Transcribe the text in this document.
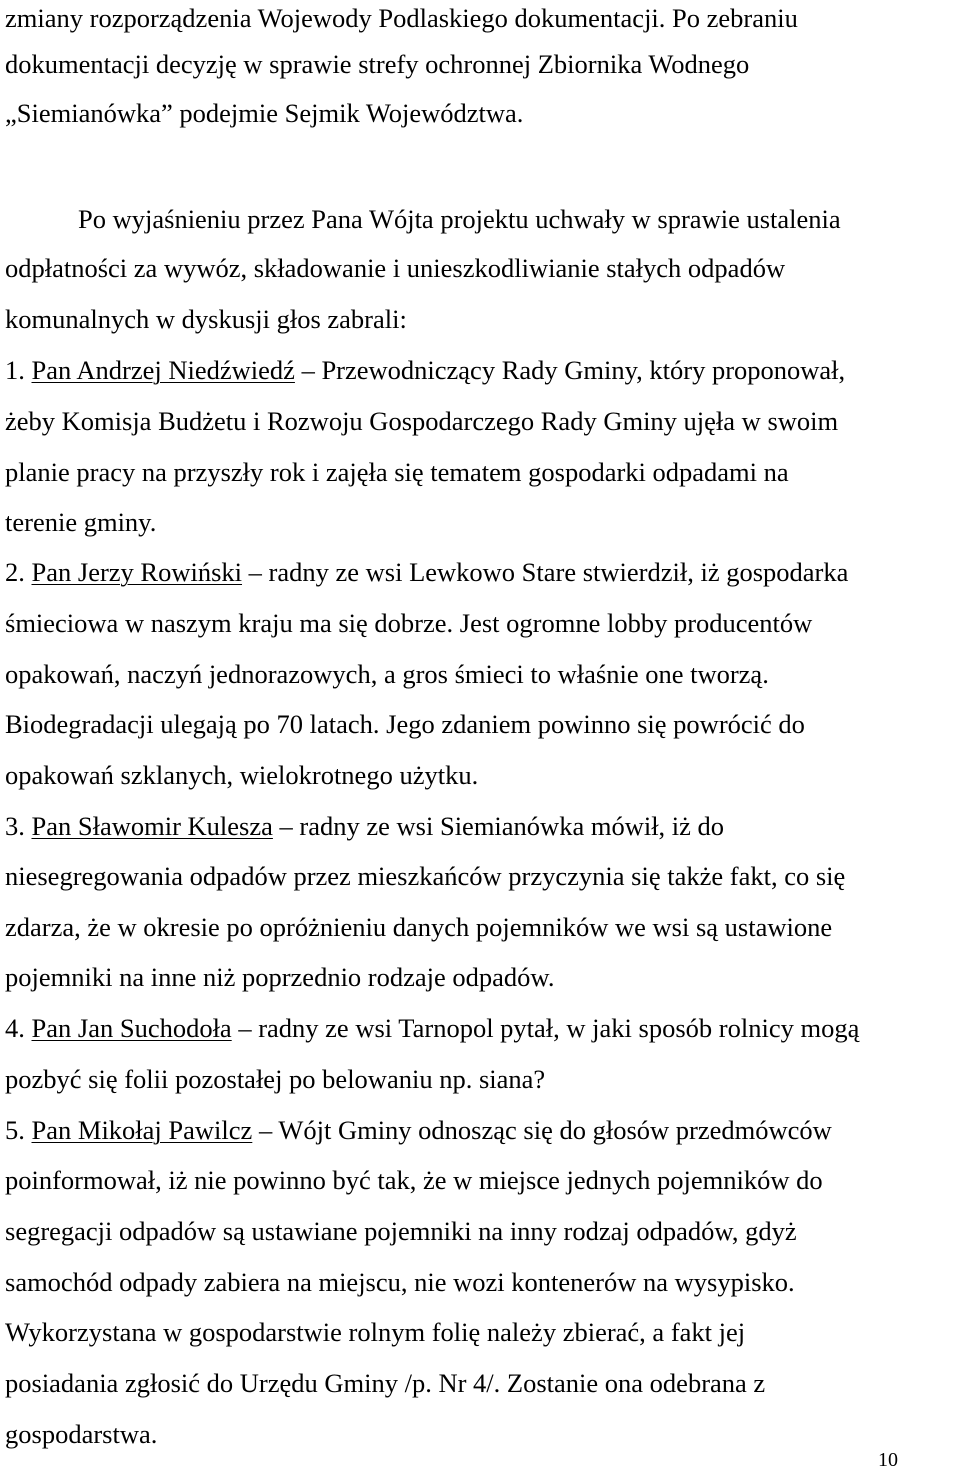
zmiany rozporządzenia Wojewody Podlaskiego dokumentacji. Po zebraniu
dokumentacji decyzję w sprawie strefy ochronnej Zbiornika Wodnego
„Siemianówka” podejmie Sejmik Województwa.
Po wyjaśnieniu przez Pana Wójta projektu uchwały w sprawie ustalenia
odpłatności za wywóz, składowanie i unieszkodliwianie stałych odpadów
komunalnych w dyskusji głos zabrali:
1. Pan Andrzej Niedźwiedź – Przewodniczący Rady Gminy, który proponował,
żeby Komisja Budżetu i Rozwoju Gospodarczego Rady Gminy ujęła w swoim
planie pracy na przyszły rok i zajęła się tematem gospodarki odpadami na
terenie gminy.
2. Pan Jerzy Rowiński – radny ze wsi Lewkowo Stare stwierdził, iż gospodarka
śmieciowa w naszym kraju ma się dobrze. Jest ogromne lobby producentów
opakowań, naczyń jednorazowych, a gros śmieci to właśnie one tworzą.
Biodegradacji ulegają po 70 latach. Jego zdaniem powinno się powrócić do
opakowań szklanych, wielokrotnego użytku.
3. Pan Sławomir Kulesza – radny ze wsi Siemianówka mówił, iż do
niesegregowania odpadów przez mieszkańców przyczynia się także fakt, co się
zdarza, że w okresie po opróżnieniu danych pojemników we wsi są ustawione
pojemniki na inne niż poprzednio rodzaje odpadów.
4. Pan Jan Suchodoła – radny ze wsi Tarnopol pytał, w jaki sposób rolnicy mogą
pozbyć się folii pozostałej po belowaniu np. siana?
5. Pan Mikołaj Pawilcz – Wójt Gminy odnosząc się do głosów przedmówców
poinformował, iż nie powinno być tak, że w miejsce jednych pojemników do
segregacji odpadów są ustawiane pojemniki na inny rodzaj odpadów, gdyż
samochód odpady zabiera na miejscu, nie wozi kontenerów na wysypisko.
Wykorzystana w gospodarstwie rolnym folię należy zbierać, a fakt jej
posiadania zgłosić do Urzędu Gminy /p. Nr 4/. Zostanie ona odebrana z
gospodarstwa.
10
